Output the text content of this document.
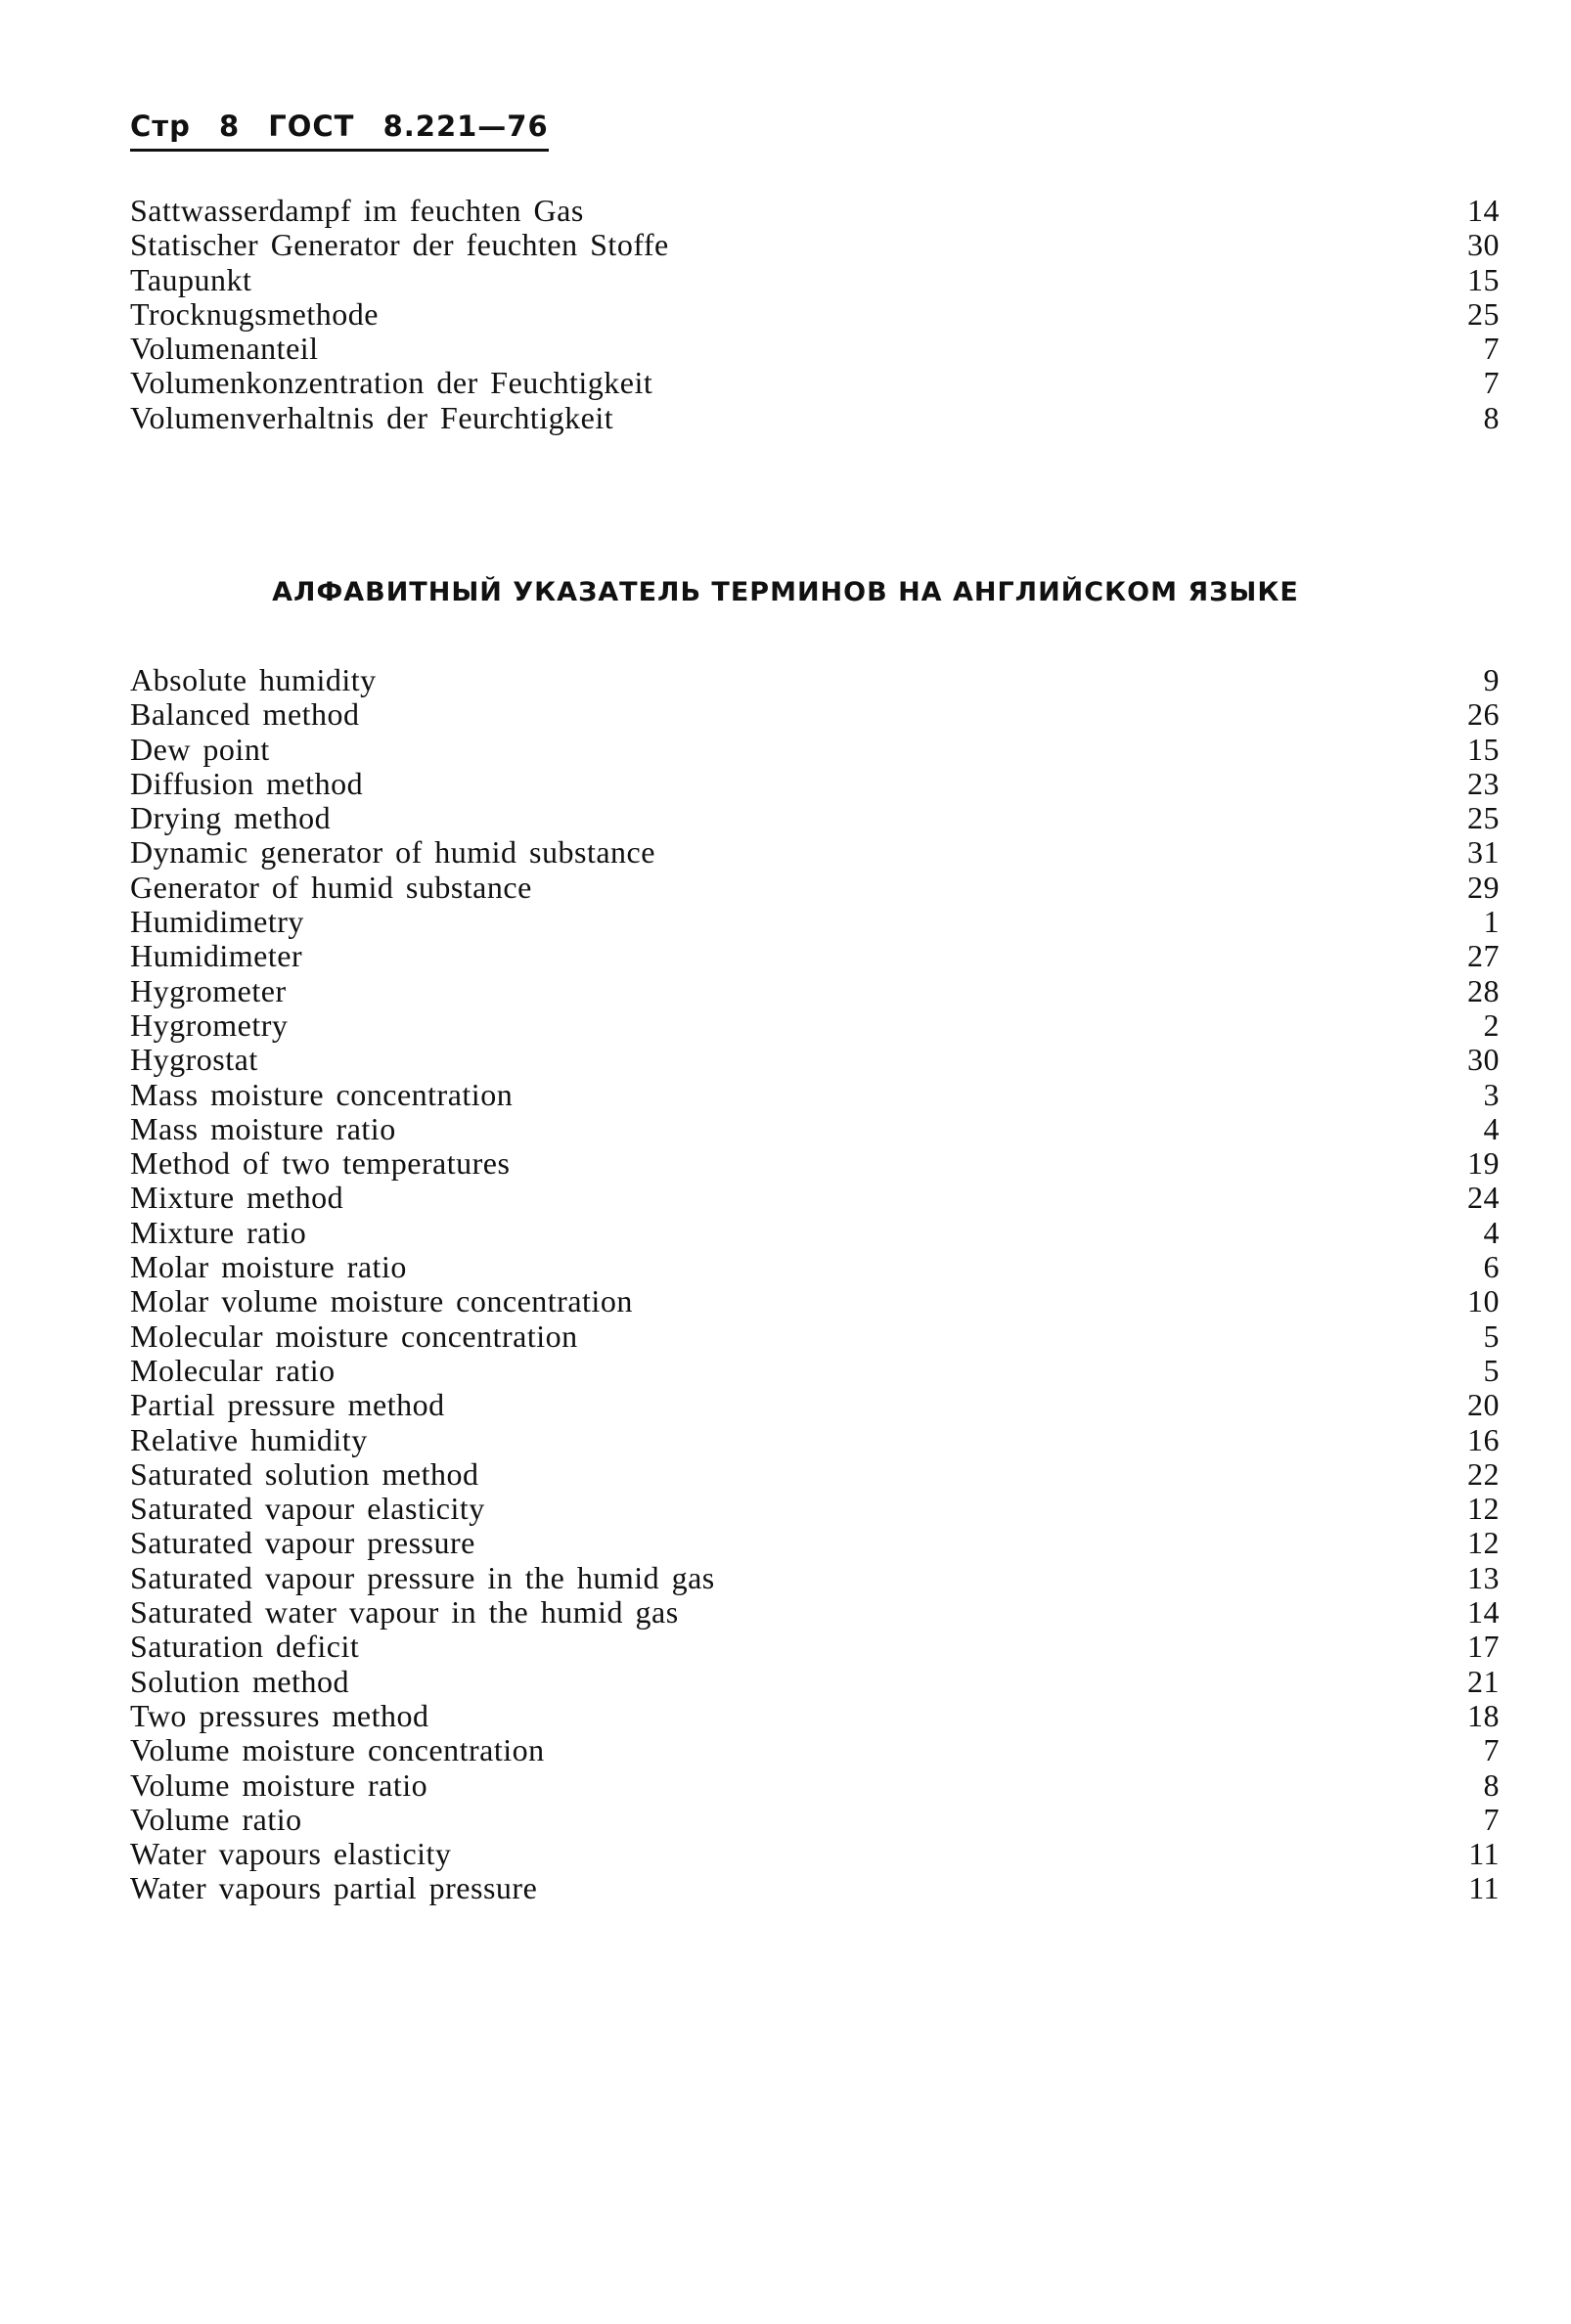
Стр 8 ГОСТ 8.221—76
Sattwasserdampf im feuchten Gas	14
Statischer Generator der feuchten Stoffe	30
Taupunkt	15
Trocknugsmethode	25
Volumenanteil	7
Volumenkonzentration der Feuchtigkeit	7
Volumenverhaltnis der Feurchtigkeit	8
АЛФАВИТНЫЙ УКАЗАТЕЛЬ ТЕРМИНОВ НА АНГЛИЙСКОМ ЯЗЫКЕ
Absolute humidity	9
Balanced method	26
Dew point	15
Diffusion method	23
Drying method	25
Dynamic generator of humid substance	31
Generator of humid substance	29
Humidimetry	1
Humidimeter	27
Hygrometer	28
Hygrometry	2
Hygrostat	30
Mass moisture concentration	3
Mass moisture ratio	4
Method of two temperatures	19
Mixture method	24
Mixture ratio	4
Molar moisture ratio	6
Molar volume moisture concentration	10
Molecular moisture concentration	5
Molecular ratio	5
Partial pressure method	20
Relative humidity	16
Saturated solution method	22
Saturated vapour elasticity	12
Saturated vapour pressure	12
Saturated vapour pressure in the humid gas	13
Saturated water vapour in the humid gas	14
Saturation deficit	17
Solution method	21
Two pressures method	18
Volume moisture concentration	7
Volume moisture ratio	8
Volume ratio	7
Water vapours elasticity	11
Water vapours partial pressure	11
